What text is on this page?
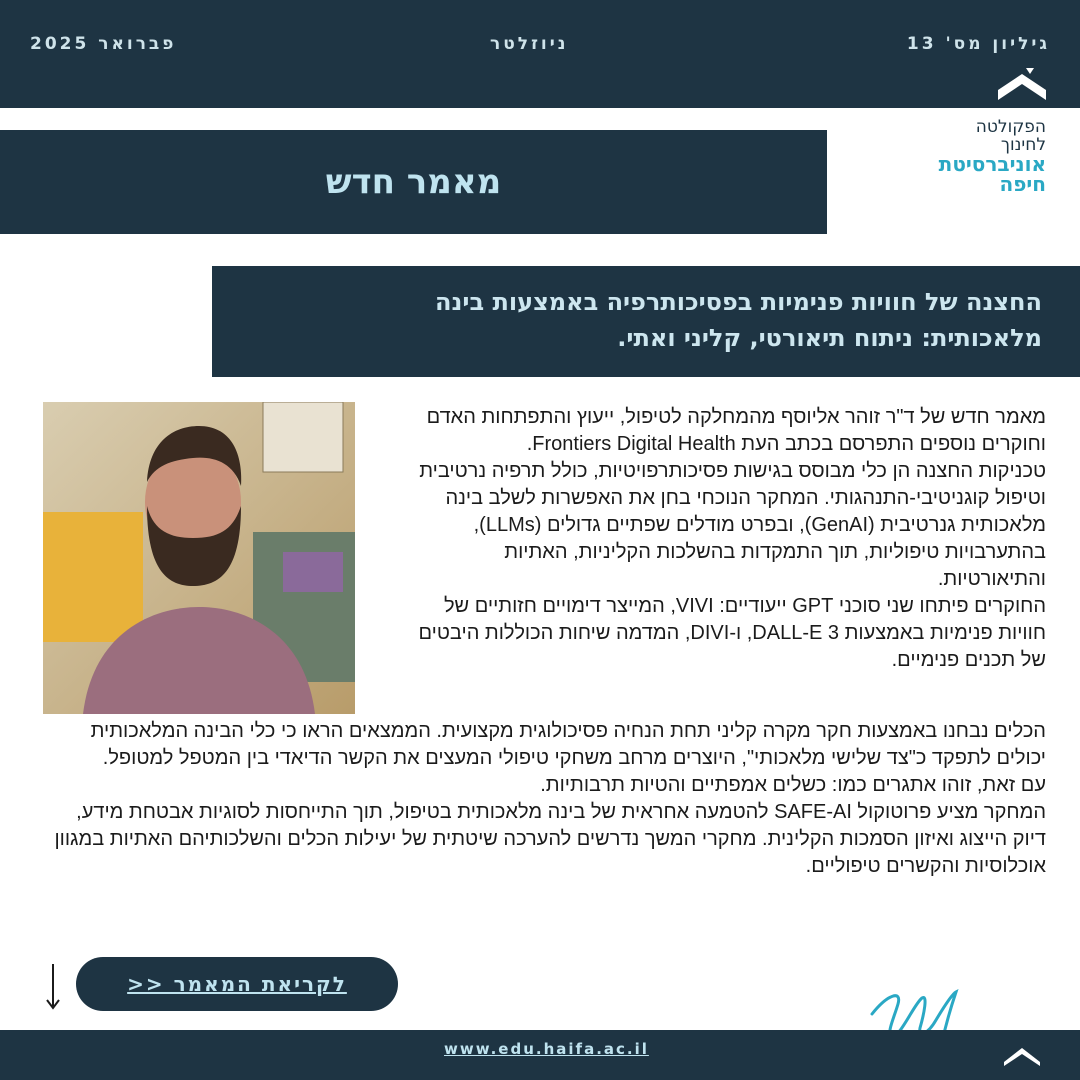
גיליון מס' 13
ניוזלטר
פברואר 2025
הפקולטה
לחינוך
אוניברסיטת
חיפה
מאמר חדש
החצנה של חוויות פנימיות בפסיכותרפיה באמצעות בינה
מלאכותית: ניתוח תיאורטי, קליני ואתי.

מאמר חדש של ד"ר זוהר אליוסף מהמחלקה לטיפול, ייעוץ והתפתחות האדם וחוקרים נוספים התפרסם בכתב העת Frontiers Digital Health.

טכניקות החצנה הן כלי מבוסס בגישות פסיכותרפויטיות, כולל תרפיה נרטיבית וטיפול קוגניטיבי-התנהגותי. המחקר הנוכחי בחן את האפשרות לשלב בינה מלאכותית גנרטיבית (GenAI), ובפרט מודלים שפתיים גדולים (LLMs), בהתערבויות טיפוליות, תוך התמקדות בהשלכות הקליניות, האתיות והתיאורטיות.

החוקרים פיתחו שני סוכני GPT ייעודיים: VIVI, המייצר דימויים חזותיים של חוויות פנימיות באמצעות DALL-E 3, ו-DIVI, המדמה שיחות הכוללות היבטים של תכנים פנימיים.

הכלים נבחנו באמצעות חקר מקרה קליני תחת הנחיה פסיכולוגית מקצועית. הממצאים הראו כי כלי הבינה המלאכותית יכולים לתפקד כ"צד שלישי מלאכותי", היוצרים מרחב משחקי טיפולי המעצים את הקשר הדיאדי בין המטפל למטופל.

עם זאת, זוהו אתגרים כמו: כשלים אמפתיים והטיות תרבותיות.

המחקר מציע פרוטוקול SAFE-AI להטמעה אחראית של בינה מלאכותית בטיפול, תוך התייחסות לסוגיות אבטחת מידע, דיוק הייצוג ואיזון הסמכות הקלינית. מחקרי המשך נדרשים להערכה שיטתית של יעילות הכלים והשלכותיהם האתיות במגוון אוכלוסיות והקשרים טיפוליים.

לקריאת המאמר <<
www.edu.haifa.ac.il
